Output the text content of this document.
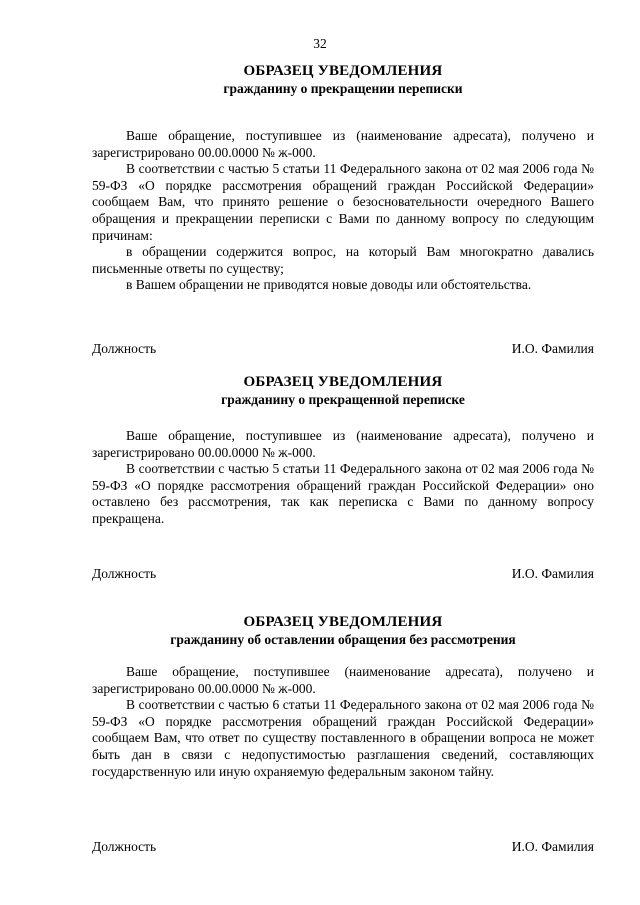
32
ОБРАЗЕЦ УВЕДОМЛЕНИЯ
гражданину о прекращении переписки

Ваше обращение, поступившее из (наименование адресата), получено и зарегистрировано 00.00.0000 № ж-000.

В соответствии с частью 5 статьи 11 Федерального закона от 02 мая 2006 года № 59-ФЗ «О порядке рассмотрения обращений граждан Российской Федерации» сообщаем Вам, что принято решение о безосновательности очередного Вашего обращения и прекращении переписки с Вами по данному вопросу по следующим причинам:

в обращении содержится вопрос, на который Вам многократно давались письменные ответы по существу;

в Вашем обращении не приводятся новые доводы или обстоятельства.

Должность	И.О. Фамилия
ОБРАЗЕЦ УВЕДОМЛЕНИЯ
гражданину о прекращенной переписке

Ваше обращение, поступившее из (наименование адресата), получено и зарегистрировано 00.00.0000 № ж-000.

В соответствии с частью 5 статьи 11 Федерального закона от 02 мая 2006 года № 59-ФЗ «О порядке рассмотрения обращений граждан Российской Федерации» оно оставлено без рассмотрения, так как переписка с Вами по данному вопросу прекращена.

Должность	И.О. Фамилия
ОБРАЗЕЦ УВЕДОМЛЕНИЯ
гражданину об оставлении обращения без рассмотрения

Ваше обращение, поступившее (наименование адресата), получено и зарегистрировано 00.00.0000 № ж-000.

В соответствии с частью 6 статьи 11 Федерального закона от 02 мая 2006 года № 59-ФЗ «О порядке рассмотрения обращений граждан Российской Федерации» сообщаем Вам, что ответ по существу поставленного в обращении вопроса не может быть дан в связи с недопустимостью разглашения сведений, составляющих государственную или иную охраняемую федеральным законом тайну.

Должность	И.О. Фамилия
